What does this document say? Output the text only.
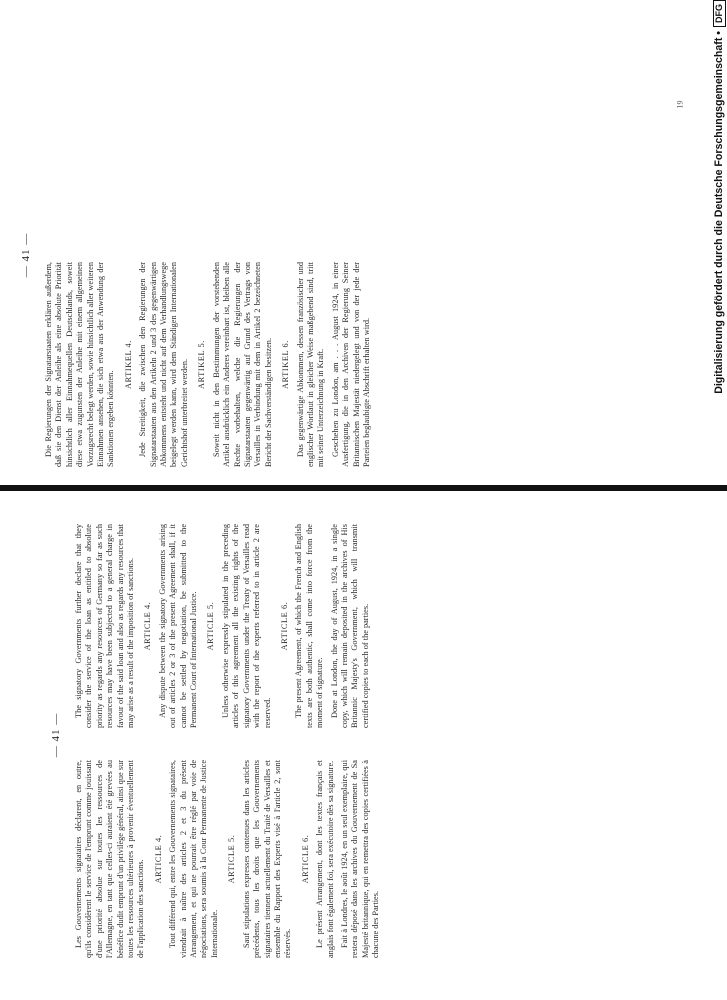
— 41 —

Les Gouvernements signataires déclarent, en outre, qu'ils considèrent le service de l'emprunt comme jouissant d'une priorité absolue sur toutes les ressources de l'Allemagne, en tant que celles-ci auraient été grevées au bénéfice dudit emprunt d'un privilège général, ainsi que sur toutes les ressources ultérieures à provenir éventuellement de l'application des sanctions.

ARTICLE 4. Tout différend qui, entre les Gouvernements signataires, viendrait à naître des articles 2 et 3 du présent Arrangement, et qui ne pourrait être réglé par voie de négociations, sera soumis à la Cour Permanente de Justice Internationale.

ARTICLE 5. Sauf stipulations expresses contenues dans les articles précédents, tous les droits que les Gouvernements signataires tiennent actuellement du Traité de Versailles et ensemble du Rapport des Experts visé à l'article 2, sont réservés.

ARTICLE 6. Le présent Arrangement, dont les textes français et anglais font également foi, sera exécutoire dès sa signature. Fait à Londres, le août 1924, en un seul exemplaire, qui restera déposé dans les archives du Gouvernement de Sa Majesté britannique, qui en remettra des copies certifiées à chacune des Parties.

The signatory Governments further declare that they consider the service of the loan as entitled to absolute priority as regards any resources of Germany so far as such resources may have been subjected to a general charge in favour of the said loan and also as regards any resources that may arise as a result of the imposition of sanctions. ARTICLE 4. Any dispute between the signatory Governments arising out of articles 2 or 3 of the present Agreement shall, if it cannot be settled by negotiation, be submitted to the Permanent Court of International Justice. ARTICLE 5. Unless otherwise expressly stipulated in the preceding articles of this agreement all the existing rights of the signatory Governments under the Treaty of Versailles read with the report of the experts referred to in article 2 are reserved.

ARTICLE 6. The present Agreement, of which the French and English texts are both authentic, shall come into force from the moment of signature. Done at London, the day of August, 1924, in a single copy, which will remain deposited in the archives of His Britannic Majesty's Government, which will transmit certified copies to each of the parties.

— 41 —

Die Regierungen der Signatarstaaten erklären außerdem, daß sie den Dienst der Anleihe als eine absolute Priorität hinsichtlich aller Einnahmequellen Deutschlands, soweit diese etwa zugunsten der Anleihe mit einem allgemeinen Vorzugsrecht belegt werden, sowie hinsichtlich aller weiteren Einnahmen ansehen, die sich etwa aus der Anwendung der Sanktionen ergeben könnten.

ARTIKEL 4. Jede Streitigkeit, die zwischen den Regierungen der Signatarstaaten aus den Artikeln 2 und 3 des gegenwärtigen Abkommens entsteht und nicht auf dem Verhandlungswege beigelegt werden kann, wird dem Ständigen Internationalen Gerichtshof unterbreitet werden. ARTIKEL 5. Soweit nicht in den Bestimmungen der vorstehenden Artikel ausdrücklich ein Anderes vereinbart ist, bleiben alle Rechte vorbehalten, welche die Regierungen der Signatarstaaten gegenwärtig auf Grund des Vertrags von Versailles in Verbindung mit dem in Artikel 2 bezeichneten Bericht der Sachverständigen besitzen. ARTIKEL 6. Das gegenwärtige Abkommen, dessen französischer und englischer Wortlaut in gleicher Weise maßgebend sind, tritt mit seiner Unterzeichnung in Kraft. Geschehen zu London, am . . . August 1924, in einer Ausfertigung, die in den Archiven der Regierung Seiner Britannischen Majestät niedergelegt und von der jede der Parteien beglaubigte Abschrift erhalten wird.

19	Digitalisierung gefördert durch die Deutsche Forschungsgemeinschaft •
DFG
